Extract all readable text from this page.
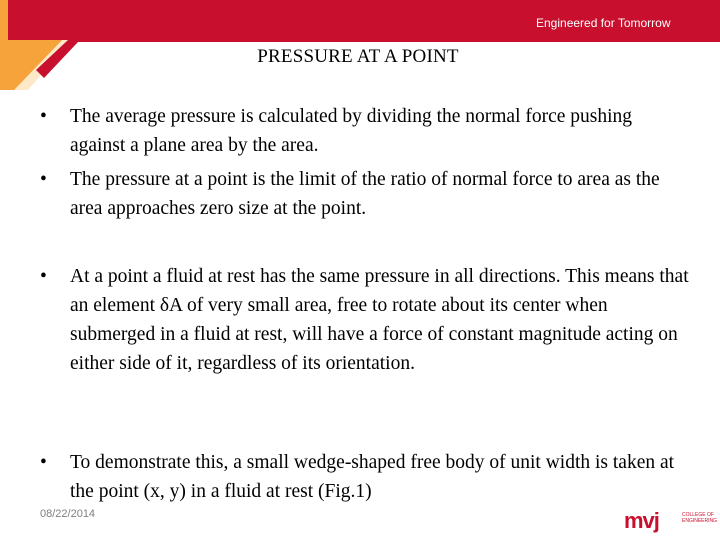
Engineered for Tomorrow
PRESSURE AT A POINT
•	The average pressure is calculated by dividing the normal force pushing against a plane area by the area.
•	The pressure at a point is the limit of the ratio of normal force to area as the area approaches zero size at the point.
•	At a point a fluid at rest has the same pressure in all directions. This means that an element δA of very small area, free to rotate about its center when submerged in a fluid at rest, will have a force of constant magnitude acting on either side of it, regardless of its orientation.
•	To demonstrate this, a small wedge-shaped free body of unit width is taken at the point (x, y) in a fluid at rest (Fig.1)
08/22/2014	mvj	COLLEGE OF ENGINEERING
